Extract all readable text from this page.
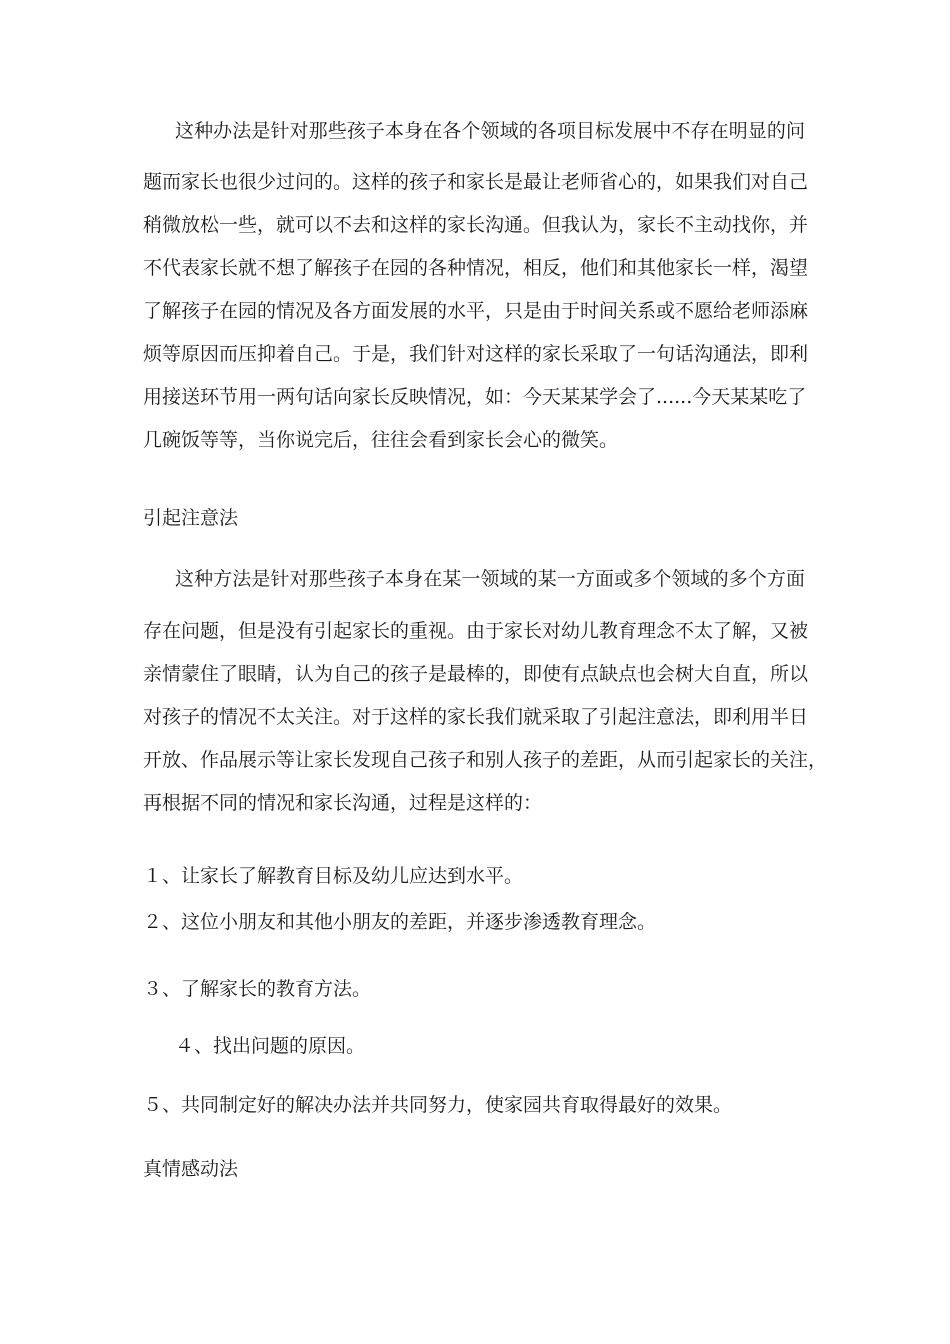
这种办法是针对那些孩子本身在各个领域的各项目标发展中不存在明显的问
题而家长也很少过问的。这样的孩子和家长是最让老师省心的，如果我们对自己
稍微放松一些，就可以不去和这样的家长沟通。但我认为，家长不主动找你，并
不代表家长就不想了解孩子在园的各种情况，相反，他们和其他家长一样，渴望
了解孩子在园的情况及各方面发展的水平，只是由于时间关系或不愿给老师添麻
烦等原因而压抑着自己。于是，我们针对这样的家长采取了一句话沟通法，即利
用接送环节用一两句话向家长反映情况，如：今天某某学会了......今天某某吃了
几碗饭等等，当你说完后，往往会看到家长会心的微笑。
引起注意法
这种方法是针对那些孩子本身在某一领域的某一方面或多个领域的多个方面
存在问题，但是没有引起家长的重视。由于家长对幼儿教育理念不太了解，又被
亲情蒙住了眼睛，认为自己的孩子是最棒的，即使有点缺点也会树大自直，所以
对孩子的情况不太关注。对于这样的家长我们就采取了引起注意法，即利用半日
开放、作品展示等让家长发现自己孩子和别人孩子的差距，从而引起家长的关注，
再根据不同的情况和家长沟通，过程是这样的：
１、让家长了解教育目标及幼儿应达到水平。
２、这位小朋友和其他小朋友的差距，并逐步渗透教育理念。
３、了解家长的教育方法。
４、找出问题的原因。
５、共同制定好的解决办法并共同努力，使家园共育取得最好的效果。
真情感动法
